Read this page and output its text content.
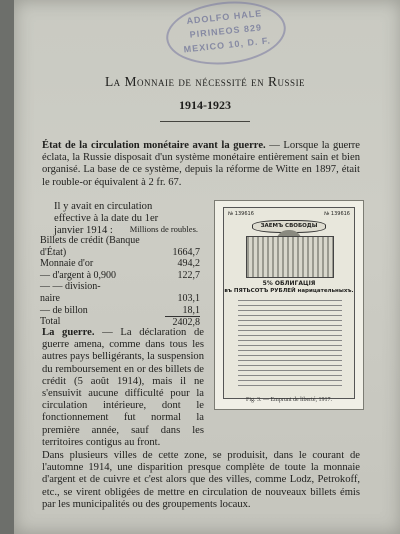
ADOLFO HALE
PIRINEOS 829
MEXICO 10, D. F.
La Monnaie de nécessité en Russie
1914-1923

État de la circulation monétaire avant la guerre. — Lorsque la guerre éclata, la Russie disposait d'un système monétaire entièrement sain et bien organisé. La base de ce système, depuis la réforme de Witte en 1897, était le rouble-or équivalent à 2 fr. 67.

Il y avait en circulation effective à la date du 1er janvier 1914 :	Millions de roubles.
Billets de crédit (Banque
d'État)	1664,7
Monnaie d'or	494,2
— d'argent à 0,900	122,7
— — division-
naire	103,1
— de billon	18,1
Total	2402,8

La guerre. — La déclaration de guerre amena, comme dans tous les autres pays belligérants, la suspension du remboursement en or des billets de crédit (5 août 1914), mais il ne s'ensuivit aucune difficulté pour la circulation intérieure, dont le fonctionnement fut normal la première année, sauf dans les territoires contigus au front.

№ 139616	№ 139616
ЗАЕМЪ СВОБОДЫ
5% ОБЛИГАЦІЯ
въ ПЯТЬСОТЪ РУБЛЕЙ нарицательныхъ.
Fig. 3. — Emprunt de liberté, 1917.

Dans plusieurs villes de cette zone, se produisit, dans le courant de l'automne 1914, une disparition presque complète de toute la monnaie d'argent et de cuivre et c'est alors que des villes, comme Lodz, Petrokoff, etc., se virent obligées de mettre en circulation de nouveaux billets émis par les municipalités ou des groupements locaux.
